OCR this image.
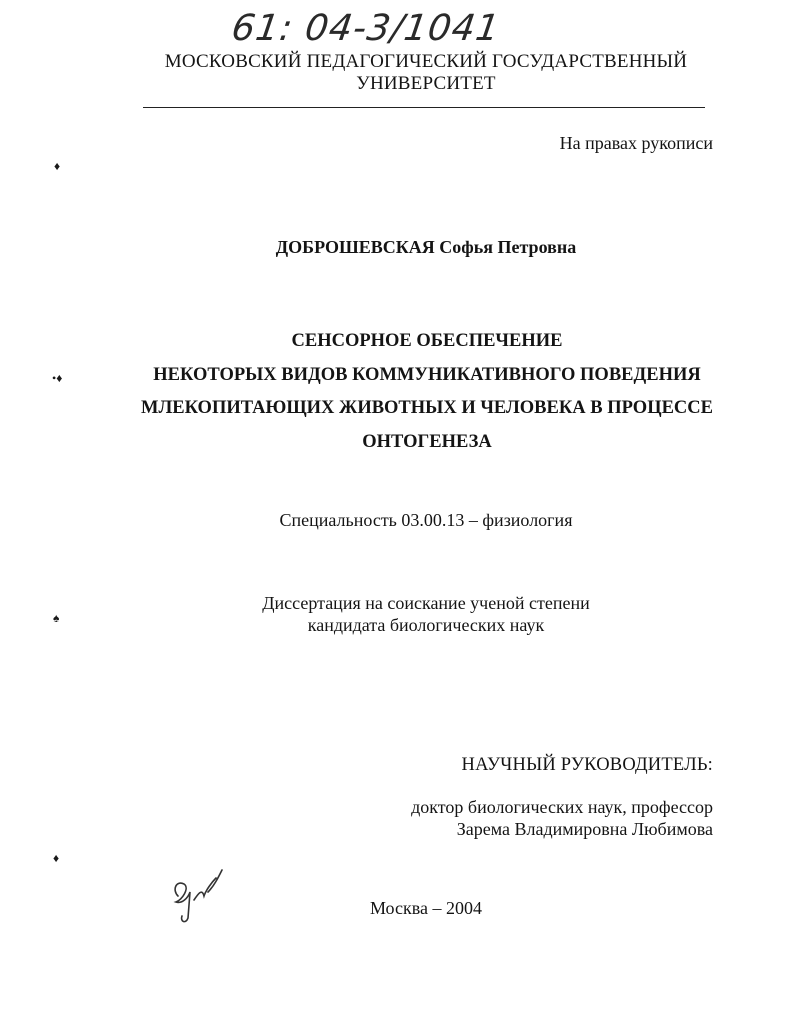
61: 04-3/1041
МОСКОВСКИЙ ПЕДАГОГИЧЕСКИЙ ГОСУДАРСТВЕННЫЙ
УНИВЕРСИТЕТ
На правах рукописи
ДОБРОШЕВСКАЯ Софья Петровна
СЕНСОРНОЕ ОБЕСПЕЧЕНИЕ
НЕКОТОРЫХ ВИДОВ КОММУНИКАТИВНОГО ПОВЕДЕНИЯ
МЛЕКОПИТАЮЩИХ ЖИВОТНЫХ И ЧЕЛОВЕКА В ПРОЦЕССЕ
ОНТОГЕНЕЗА
Специальность 03.00.13 – физиология
Диссертация на соискание ученой степени
кандидата биологических наук
НАУЧНЫЙ РУКОВОДИТЕЛЬ:
доктор биологических наук, профессор
Зарема Владимировна Любимова
Москва – 2004
♦
•♦
♠
♦
